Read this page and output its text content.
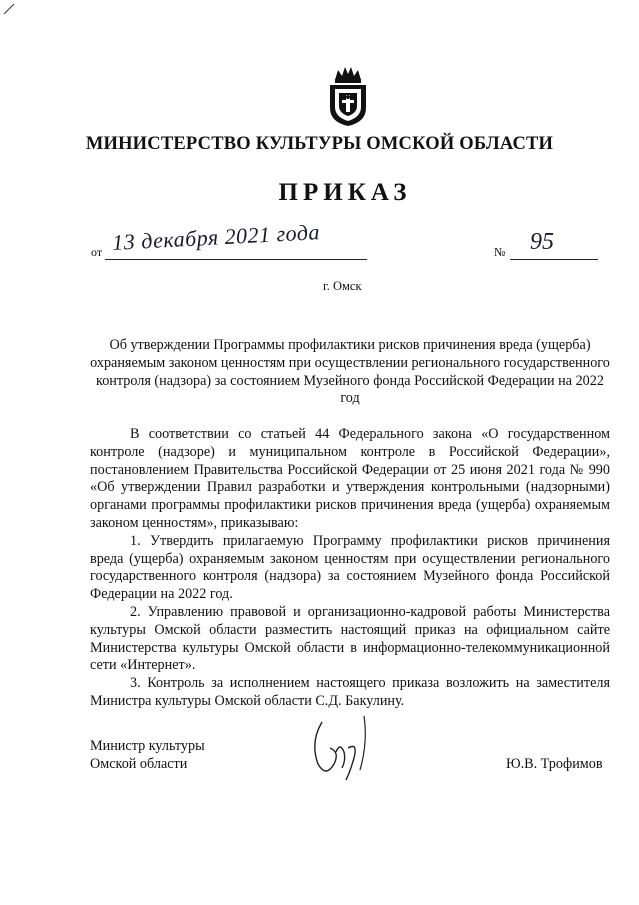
МИНИСТЕРСТВО КУЛЬТУРЫ ОМСКОЙ ОБЛАСТИ
ПРИКАЗ
от 13 декабря 2021 года	№ 95
г. Омск
Об утверждении Программы профилактики рисков причинения вреда (ущерба) охраняемым законом ценностям при осуществлении регионального государственного контроля (надзора) за состоянием Музейного фонда Российской Федерации на 2022 год

В соответствии со статьей 44 Федерального закона «О государственном контроле (надзоре) и муниципальном контроле в Российской Федерации», постановлением Правительства Российской Федерации от 25 июня 2021 года № 990 «Об утверждении Правил разработки и утверждения контрольными (надзорными) органами программы профилактики рисков причинения вреда (ущерба) охраняемым законом ценностям», приказываю:

1. Утвердить прилагаемую Программу профилактики рисков причинения вреда (ущерба) охраняемым законом ценностям при осуществлении регионального государственного контроля (надзора) за состоянием Музейного фонда Российской Федерации на 2022 год.

2. Управлению правовой и организационно-кадровой работы Министерства культуры Омской области разместить настоящий приказ на официальном сайте Министерства культуры Омской области в информационно-телекоммуникационной сети «Интернет».

3. Контроль за исполнением настоящего приказа возложить на заместителя Министра культуры Омской области С.Д. Бакулину.

Министр культуры
Омской области	Ю.В. Трофимов
